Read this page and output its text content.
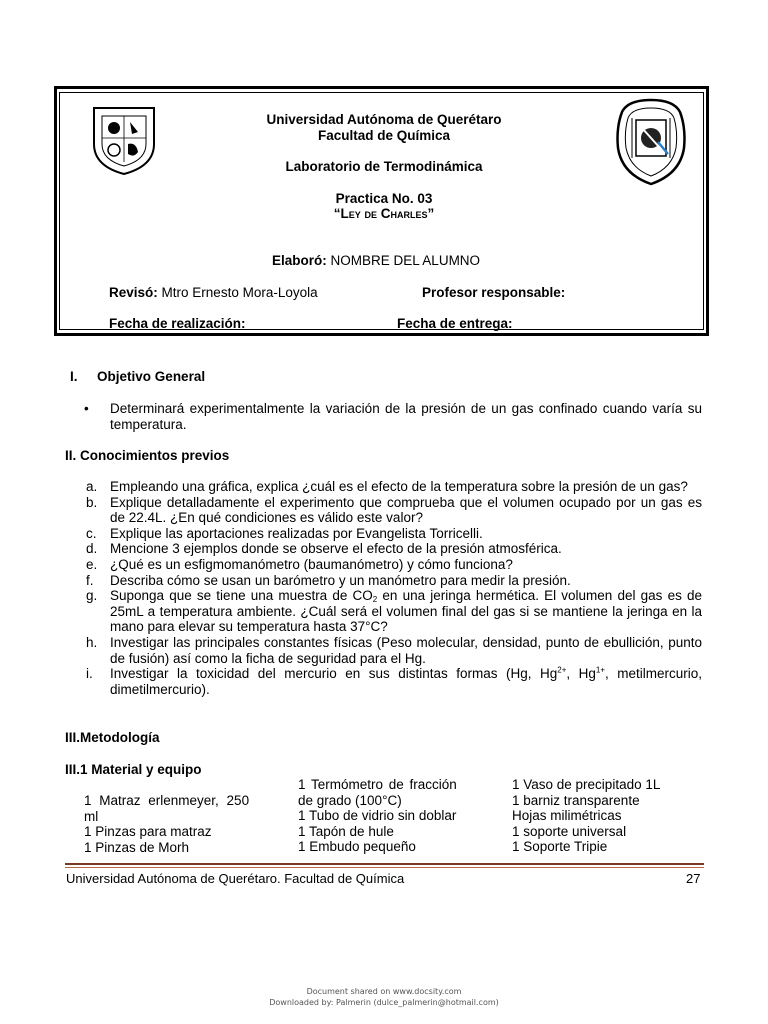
Universidad Autónoma de Querétaro
Facultad de Química
Laboratorio de Termodinámica
Practica No. 03
“Ley de Charles”
Elaboró: NOMBRE DEL ALUMNO
Revisó: Mtro Ernesto Mora-Loyola	Profesor responsable:
Fecha de realización:	Fecha de entrega:
I. Objetivo General
• Determinará experimentalmente la variación de la presión de un gas confinado cuando varía su temperatura.
II. Conocimientos previos
a. Empleando una gráfica, explica ¿cuál es el efecto de la temperatura sobre la presión de un gas?
b. Explique detalladamente el experimento que comprueba que el volumen ocupado por un gas es de 22.4L. ¿En qué condiciones es válido este valor?
c. Explique las aportaciones realizadas por Evangelista Torricelli.
d. Mencione 3 ejemplos donde se observe el efecto de la presión atmosférica.
e. ¿Qué es un esfigmomanómetro (baumanómetro) y cómo funciona?
f.	Describa cómo se usan un barómetro y un manómetro para medir la presión.
g. Suponga que se tiene una muestra de $CO_2$ en una jeringa hermética. El volumen del gas es de 25mL a temperatura ambiente. ¿Cuál será el volumen final del gas si se mantiene la jeringa en la mano para elevar su temperatura hasta 37°C?
h. Investigar las principales constantes físicas (Peso molecular, densidad, punto de ebullición, punto de fusión) así como la ficha de seguridad para el Hg.
i.	Investigar la toxicidad del mercurio en sus distintas formas (Hg, $Hg^{2+}$, $Hg^{1+}$, metilmercurio, dimetilmercurio).
III.Metodología
III.1 Material y equipo
1 Matraz erlenmeyer, 250
ml
1 Pinzas para matraz
1 Pinzas de Morh
1 Termómetro de fracción
de grado (100°C)
1 Tubo de vidrio sin doblar
1 Tapón de hule
1 Embudo pequeño
1 Vaso de precipitado 1L
1 barniz transparente
Hojas milimétricas
1 soporte universal
1 Soporte Tripie
Universidad Autónoma de Querétaro. Facultad de Química	27
Document shared on www.docsity.com
Downloaded by: Palmerin (dulce_palmerin@hotmail.com)
